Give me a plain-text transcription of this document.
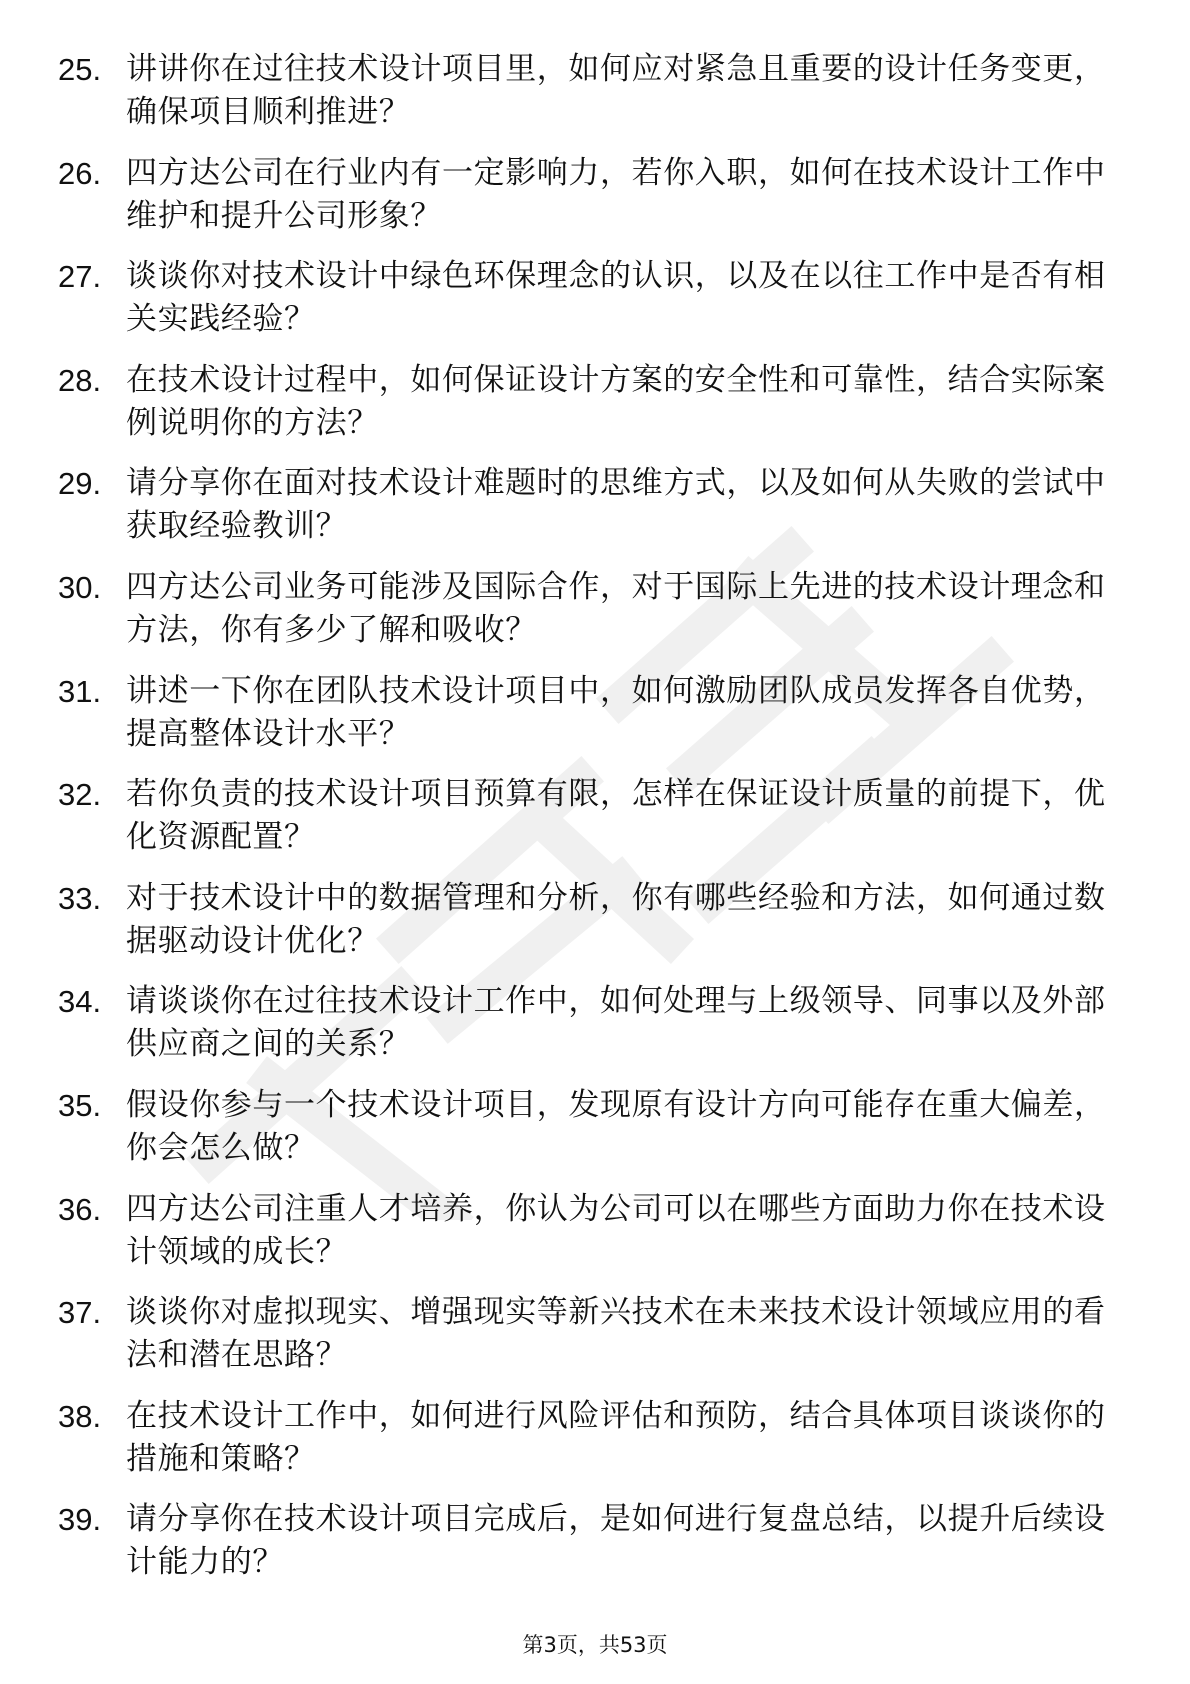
25. 讲讲你在过往技术设计项目里，如何应对紧急且重要的设计任务变更，确保项目顺利推进？
26. 四方达公司在行业内有一定影响力，若你入职，如何在技术设计工作中维护和提升公司形象？
27. 谈谈你对技术设计中绿色环保理念的认识，以及在以往工作中是否有相关实践经验？
28. 在技术设计过程中，如何保证设计方案的安全性和可靠性，结合实际案例说明你的方法？
29. 请分享你在面对技术设计难题时的思维方式，以及如何从失败的尝试中获取经验教训？
30. 四方达公司业务可能涉及国际合作，对于国际上先进的技术设计理念和方法，你有多少了解和吸收？
31. 讲述一下你在团队技术设计项目中，如何激励团队成员发挥各自优势，提高整体设计水平？
32. 若你负责的技术设计项目预算有限，怎样在保证设计质量的前提下，优化资源配置？
33. 对于技术设计中的数据管理和分析，你有哪些经验和方法，如何通过数据驱动设计优化？
34. 请谈谈你在过往技术设计工作中，如何处理与上级领导、同事以及外部供应商之间的关系？
35. 假设你参与一个技术设计项目，发现原有设计方向可能存在重大偏差，你会怎么做？
36. 四方达公司注重人才培养，你认为公司可以在哪些方面助力你在技术设计领域的成长？
37. 谈谈你对虚拟现实、增强现实等新兴技术在未来技术设计领域应用的看法和潜在思路？
38. 在技术设计工作中，如何进行风险评估和预防，结合具体项目谈谈你的措施和策略？
39. 请分享你在技术设计项目完成后，是如何进行复盘总结，以提升后续设计能力的？
第3页，共53页
